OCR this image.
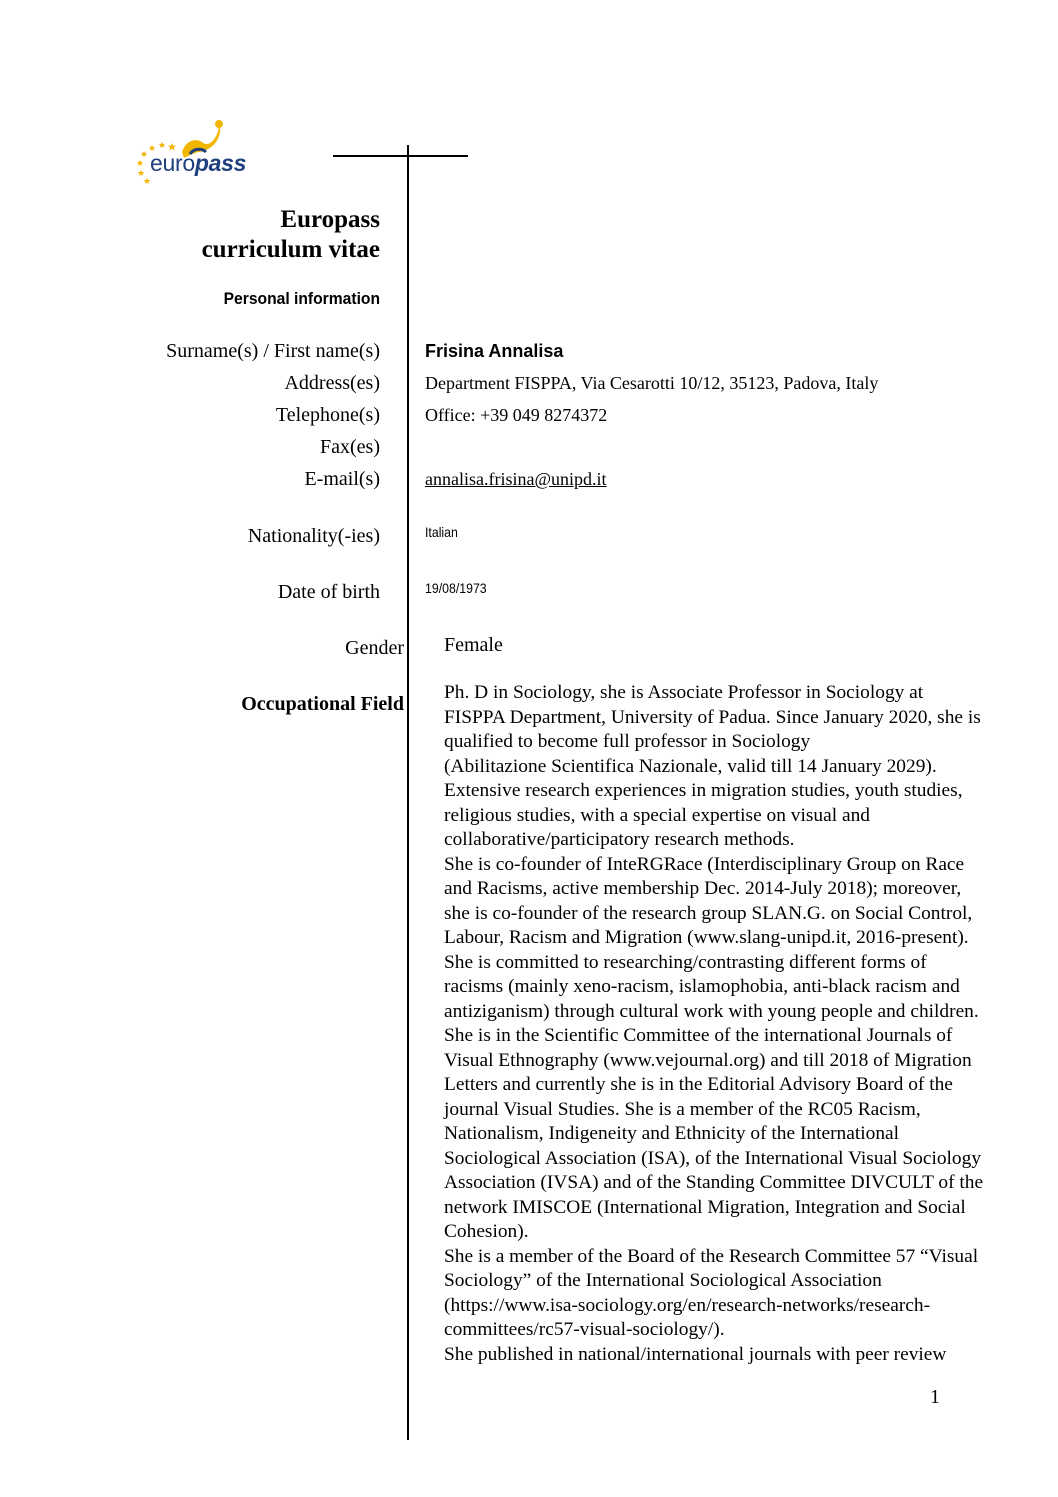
europass
Europass
curriculum vitae
Personal information
Surname(s) / First name(s)	Frisina Annalisa
Address(es)	Department FISPPA, Via Cesarotti 10/12, 35123, Padova, Italy
Telephone(s)	Office: +39 049 8274372
Fax(es)
E-mail(s)	annalisa.frisina@unipd.it
Nationality(-ies)	Italian
Date of birth	19/08/1973
Gender Female
Occupational Field
Ph. D in Sociology, she is Associate Professor in Sociology at
FISPPA Department, University of Padua. Since January 2020, she is
qualified to become full professor in Sociology
(Abilitazione Scientifica Nazionale, valid till 14 January 2029).
Extensive research experiences in migration studies, youth studies,
religious studies, with a special expertise on visual and
collaborative/participatory research methods.
She is co-founder of InteRGRace (Interdisciplinary Group on Race
and Racisms, active membership Dec. 2014-July 2018); moreover,
she is co-founder of the research group SLAN.G. on Social Control,
Labour, Racism and Migration (www.slang-unipd.it, 2016-present).
She is committed to researching/contrasting different forms of
racisms (mainly xeno-racism, islamophobia, anti-black racism and
antiziganism) through cultural work with young people and children.
She is in the Scientific Committee of the international Journals of
Visual Ethnography (www.vejournal.org) and till 2018 of Migration
Letters and currently she is in the Editorial Advisory Board of the
journal Visual Studies. She is a member of the RC05 Racism,
Nationalism, Indigeneity and Ethnicity of the International
Sociological Association (ISA), of the International Visual Sociology
Association (IVSA) and of the Standing Committee DIVCULT of the
network IMISCOE (International Migration, Integration and Social
Cohesion).
She is a member of the Board of the Research Committee 57 “Visual
Sociology” of the International Sociological Association
(https://www.isa-sociology.org/en/research-networks/research-
committees/rc57-visual-sociology/).
She published in national/international journals with peer review
1
